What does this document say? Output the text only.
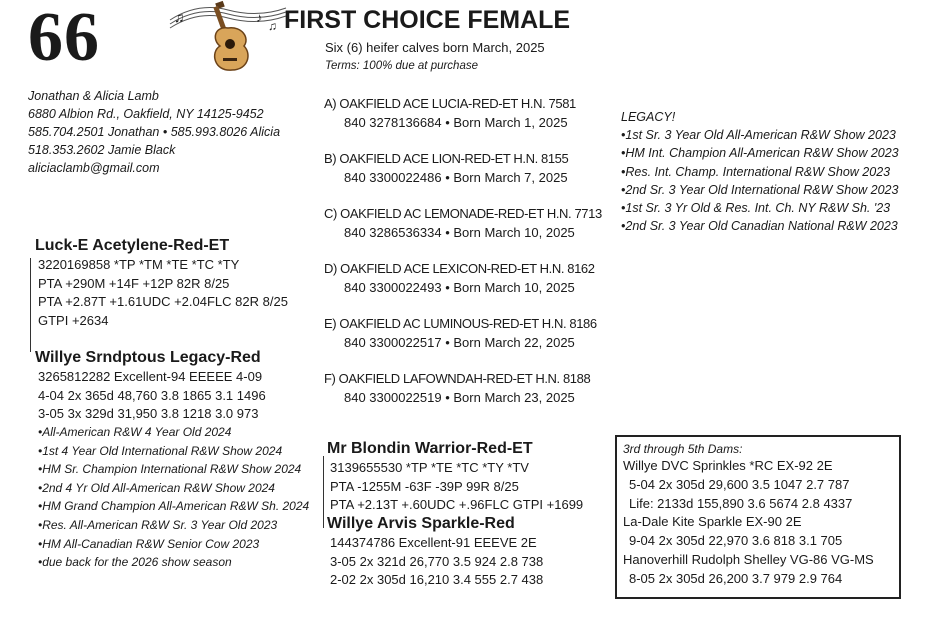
66	♫	♪
♫ FIRST CHOICE FEMALE
Six (6) heifer calves born March, 2025
Terms: 100% due at purchase
Jonathan & Alicia Lamb
6880 Albion Rd., Oakfield, NY 14125-9452
585.704.2501 Jonathan • 585.993.8026 Alicia
518.353.2602 Jamie Black
aliciaclamb@gmail.com
A) OAKFIELD ACE LUCIA-RED-ET H.N. 7581
840 3278136684 • Born March 1, 2025
B) OAKFIELD ACE LION-RED-ET H.N. 8155
840 3300022486 • Born March 7, 2025
C) OAKFIELD AC LEMONADE-RED-ET H.N. 7713
840 3286536334 • Born March 10, 2025
D) OAKFIELD ACE LEXICON-RED-ET H.N. 8162
840 3300022493 • Born March 10, 2025
E) OAKFIELD AC LUMINOUS-RED-ET H.N. 8186
840 3300022517 • Born March 22, 2025
F) OAKFIELD LAFOWNDAH-RED-ET H.N. 8188
840 3300022519 • Born March 23, 2025
LEGACY!
•1st Sr. 3 Year Old All-American R&W Show 2023
•HM Int. Champion All-American R&W Show 2023
•Res. Int. Champ. International R&W Show 2023
•2nd Sr. 3 Year Old International R&W Show 2023
•1st Sr. 3 Yr Old & Res. Int. Ch. NY R&W Sh. '23
•2nd Sr. 3 Year Old Canadian National R&W 2023
Luck-E Acetylene-Red-ET
3220169858 *TP *TM *TE *TC *TY
PTA +290M +14F +12P 82R 8/25
PTA +2.87T +1.61UDC +2.04FLC 82R 8/25
GTPI +2634
Willye Srndptous Legacy-Red
3265812282 Excellent-94 EEEEE 4-09
4-04 2x 365d 48,760 3.8 1865 3.1 1496
3-05 3x 329d 31,950 3.8 1218 3.0 973
•All-American R&W 4 Year Old 2024
•1st 4 Year Old International R&W Show 2024
•HM Sr. Champion International R&W Show 2024
•2nd 4 Yr Old All-American R&W Show 2024
•HM Grand Champion All-American R&W Sh. 2024
•Res. All-American R&W Sr. 3 Year Old 2023
•HM All-Canadian R&W Senior Cow 2023
•due back for the 2026 show season
Mr Blondin Warrior-Red-ET
3139655530 *TP *TE *TC *TY *TV
PTA -1255M -63F -39P 99R 8/25
PTA +2.13T +.60UDC +.96FLC GTPI +1699
Willye Arvis Sparkle-Red
144374786 Excellent-91 EEEVE 2E
3-05 2x 321d 26,770 3.5 924 2.8 738
2-02 2x 305d 16,210 3.4 555 2.7 438
3rd through 5th Dams:
Willye DVC Sprinkles *RC EX-92 2E
5-04 2x 305d 29,600 3.5 1047 2.7 787
Life: 2133d 155,890 3.6 5674 2.8 4337
La-Dale Kite Sparkle EX-90 2E
9-04 2x 305d 22,970 3.6 818 3.1 705
Hanoverhill Rudolph Shelley VG-86 VG-MS
8-05 2x 305d 26,200 3.7 979 2.9 764
